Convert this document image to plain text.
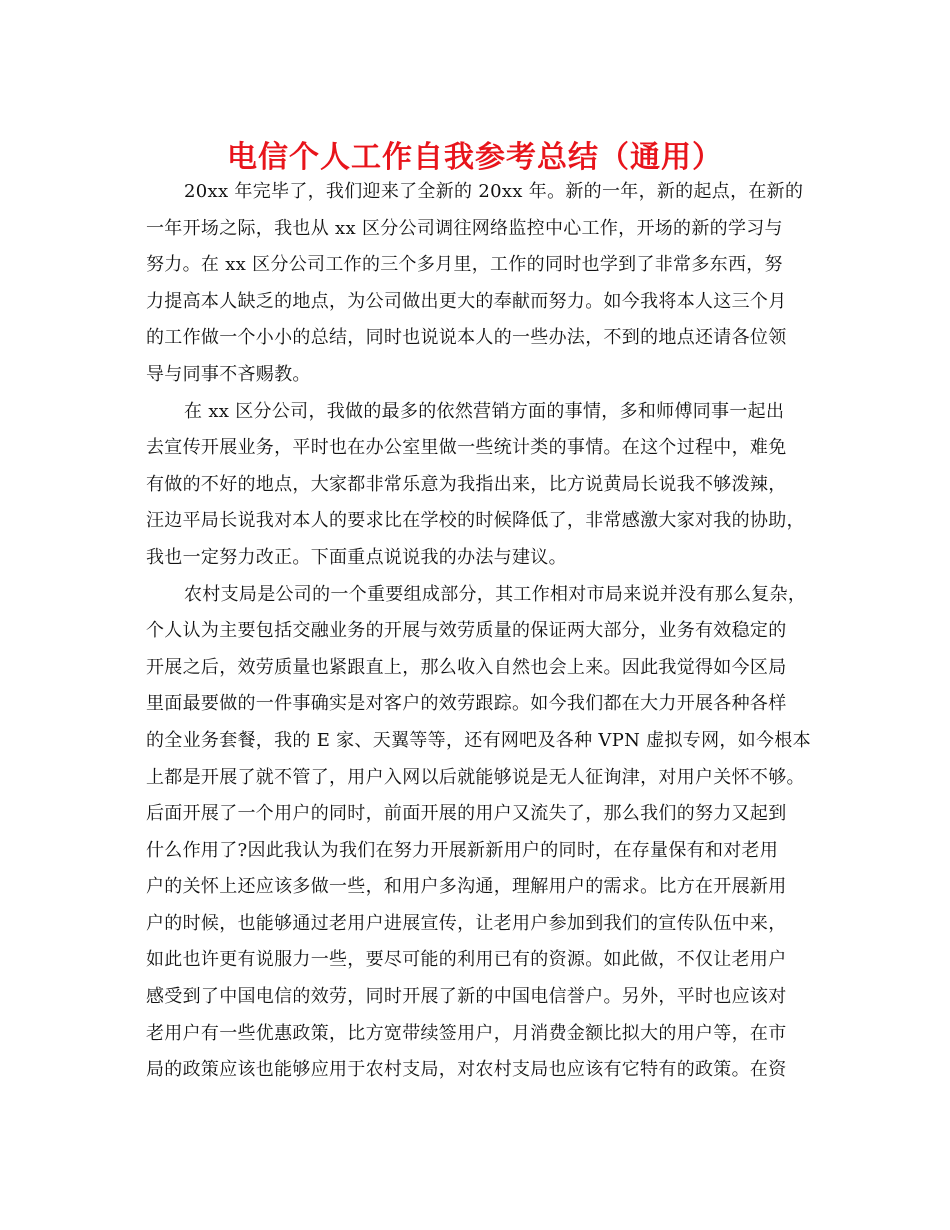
电信个人工作自我参考总结（通用）
20xx 年完毕了，我们迎来了全新的 20xx 年。新的一年，新的起点，在新的
一年开场之际，我也从 xx 区分公司调往网络监控中心工作，开场的新的学习与
努力。在 xx 区分公司工作的三个多月里，工作的同时也学到了非常多东西，努
力提高本人缺乏的地点，为公司做出更大的奉献而努力。如今我将本人这三个月
的工作做一个小小的总结，同时也说说本人的一些办法，不到的地点还请各位领
导与同事不吝赐教。
在 xx 区分公司，我做的最多的依然营销方面的事情，多和师傅同事一起出
去宣传开展业务，平时也在办公室里做一些统计类的事情。在这个过程中，难免
有做的不好的地点，大家都非常乐意为我指出来，比方说黄局长说我不够泼辣，
汪边平局长说我对本人的要求比在学校的时候降低了，非常感激大家对我的协助，
我也一定努力改正。下面重点说说我的办法与建议。
农村支局是公司的一个重要组成部分，其工作相对市局来说并没有那么复杂，
个人认为主要包括交融业务的开展与效劳质量的保证两大部分，业务有效稳定的
开展之后，效劳质量也紧跟直上，那么收入自然也会上来。因此我觉得如今区局
里面最要做的一件事确实是对客户的效劳跟踪。如今我们都在大力开展各种各样
的全业务套餐，我的 E 家、天翼等等，还有网吧及各种 VPN 虚拟专网，如今根本
上都是开展了就不管了，用户入网以后就能够说是无人征询津，对用户关怀不够。
后面开展了一个用户的同时，前面开展的用户又流失了，那么我们的努力又起到
什么作用了?因此我认为我们在努力开展新新用户的同时，在存量保有和对老用
户的关怀上还应该多做一些，和用户多沟通，理解用户的需求。比方在开展新用
户的时候，也能够通过老用户进展宣传，让老用户参加到我们的宣传队伍中来，
如此也许更有说服力一些，要尽可能的利用已有的资源。如此做，不仅让老用户
感受到了中国电信的效劳，同时开展了新的中国电信誉户。另外，平时也应该对
老用户有一些优惠政策，比方宽带续签用户，月消费金额比拟大的用户等，在市
局的政策应该也能够应用于农村支局，对农村支局也应该有它特有的政策。在资
